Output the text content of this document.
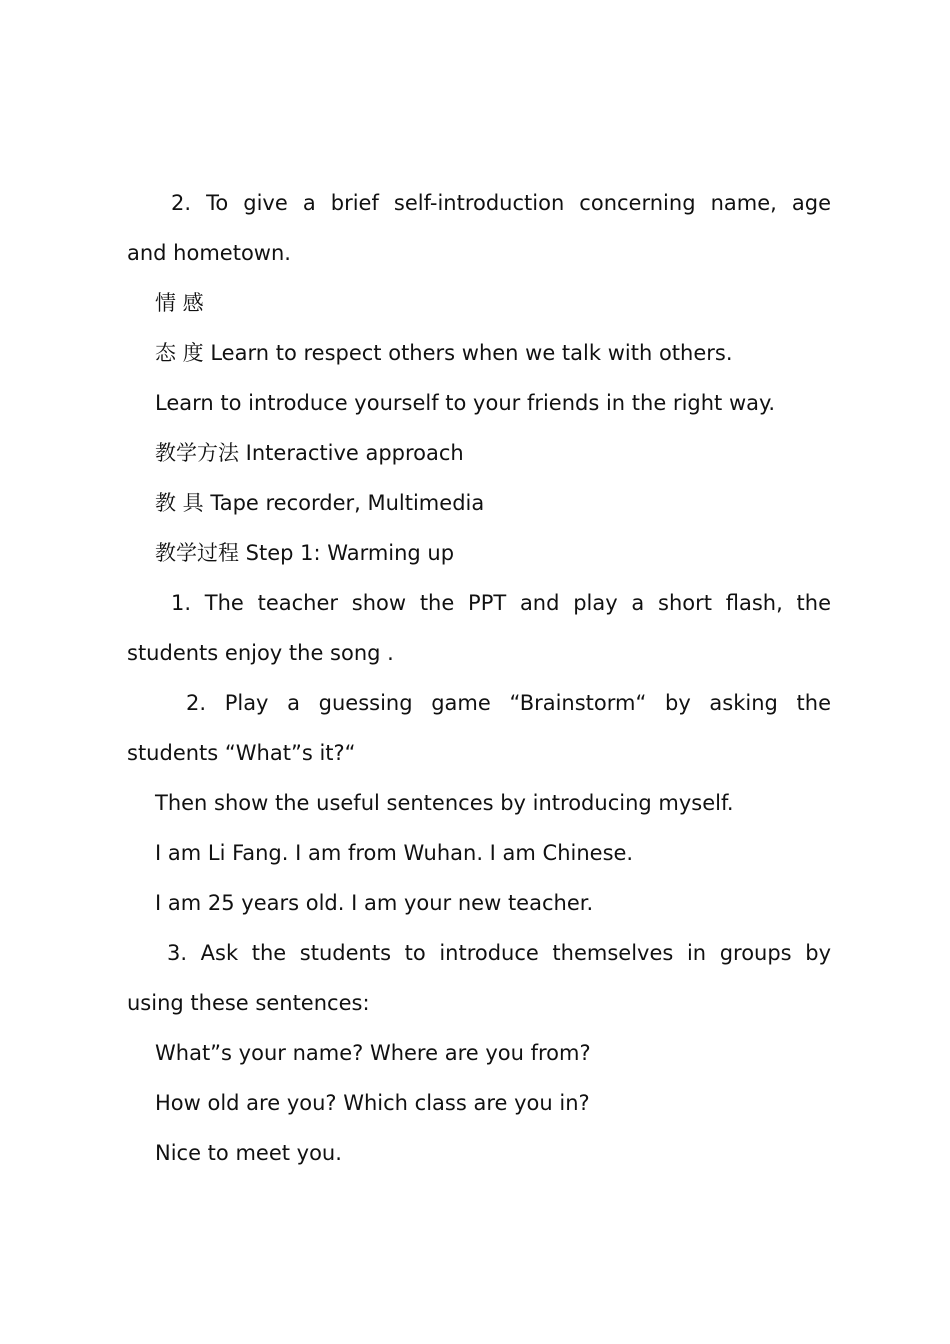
2. To give a brief self-introduction concerning name, age
and hometown.
情 感
态 度 Learn to respect others when we talk with others.
Learn to introduce yourself to your friends in the right way.
教学方法 Interactive approach
教 具 Tape recorder, Multimedia
教学过程 Step 1: Warming up
1. The teacher show the PPT and play a short flash, the
students enjoy the song .
2. Play a guessing game “Brainstorm“ by asking the
students “What”s it?“
Then show the useful sentences by introducing myself.
I am Li Fang. I am from Wuhan. I am Chinese.
I am 25 years old. I am your new teacher.
3. Ask the students to introduce themselves in groups by
using these sentences:
What”s your name? Where are you from?
How old are you? Which class are you in?
Nice to meet you.
